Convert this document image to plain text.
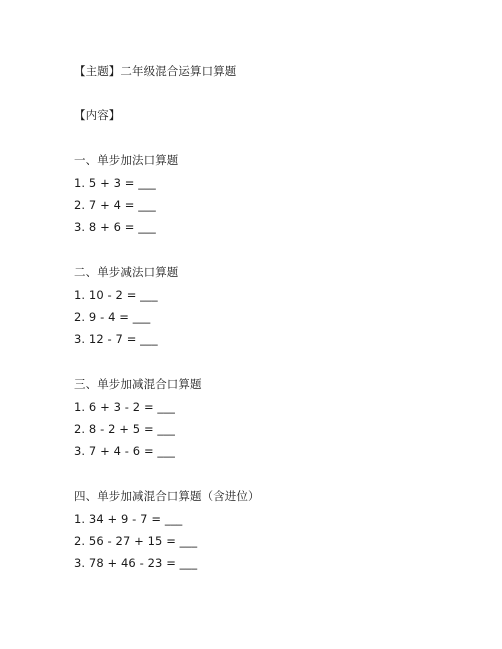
【主题】二年级混合运算口算题
【内容】
一、单步加法口算题
1. 5 + 3 = ___
2. 7 + 4 = ___
3. 8 + 6 = ___
二、单步减法口算题
1. 10 - 2 = ___
2. 9 - 4 = ___
3. 12 - 7 = ___
三、单步加减混合口算题
1. 6 + 3 - 2 = ___
2. 8 - 2 + 5 = ___
3. 7 + 4 - 6 = ___
四、单步加减混合口算题（含进位）
1. 34 + 9 - 7 = ___
2. 56 - 27 + 15 = ___
3. 78 + 46 - 23 = ___
